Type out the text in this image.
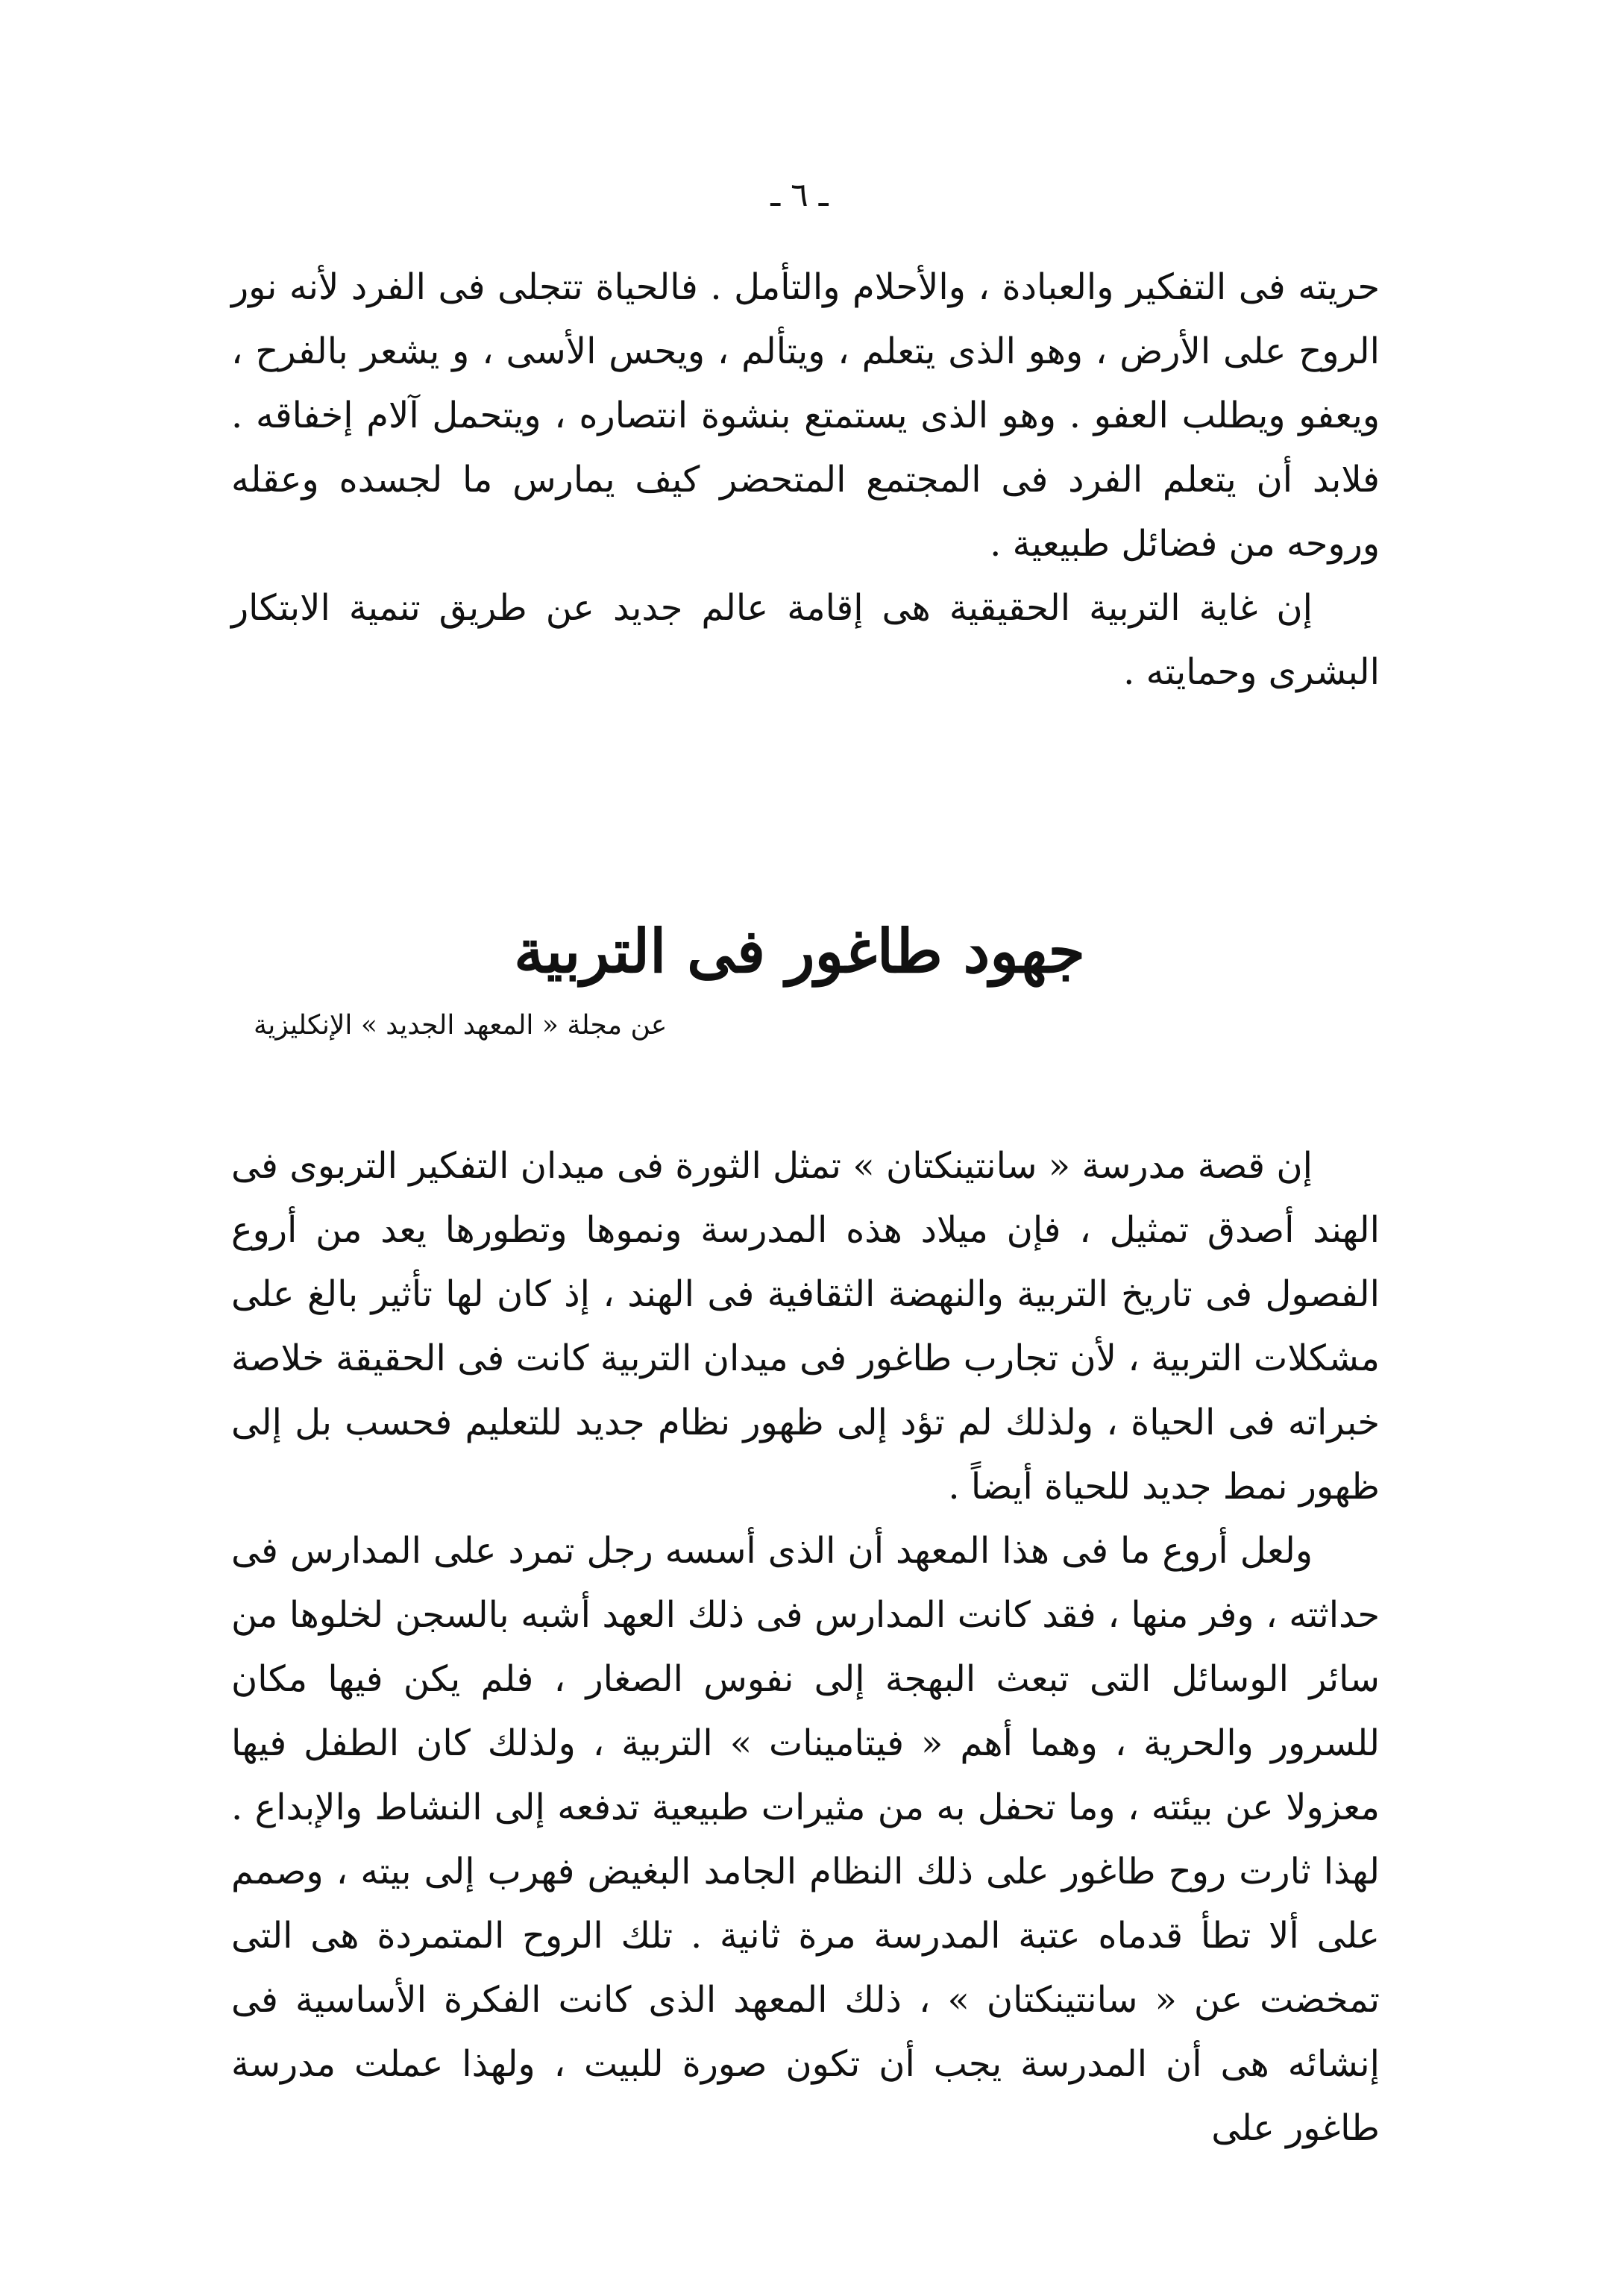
ـ ٦ ـ

حريته فى التفكير والعبادة ، والأحلام والتأمل . فالحياة تتجلى فى الفرد لأنه نور الروح على الأرض ، وهو الذى يتعلم ، ويتألم ، ويحس الأسى ، و يشعر بالفرح ، ويعفو ويطلب العفو . وهو الذى يستمتع بنشوة انتصاره ، ويتحمل آلام إخفاقه . فلابد أن يتعلم الفرد فى المجتمع المتحضر كيف يمارس ما لجسده وعقله وروحه من فضائل طبيعية .

إن غاية التربية الحقيقية هى إقامة عالم جديد عن طريق تنمية الابتكار البشرى وحمايته .

جهود طاغور فى التربية
عن مجلة « المعهد الجديد » الإنكليزية

إن قصة مدرسة « سانتينكتان » تمثل الثورة فى ميدان التفكير التربوى فى الهند أصدق تمثيل ، فإن ميلاد هذه المدرسة ونموها وتطورها يعد من أروع الفصول فى تاريخ التربية والنهضة الثقافية فى الهند ، إذ كان لها تأثير بالغ على مشكلات التربية ، لأن تجارب طاغور فى ميدان التربية كانت فى الحقيقة خلاصة خبراته فى الحياة ، ولذلك لم تؤد إلى ظهور نظام جديد للتعليم فحسب بل إلى ظهور نمط جديد للحياة أيضاً .

ولعل أروع ما فى هذا المعهد أن الذى أسسه رجل تمرد على المدارس فى حداثته ، وفر منها ، فقد كانت المدارس فى ذلك العهد أشبه بالسجن لخلوها من سائر الوسائل التى تبعث البهجة إلى نفوس الصغار ، فلم يكن فيها مكان للسرور والحرية ، وهما أهم « فيتامينات » التربية ، ولذلك كان الطفل فيها معزولا عن بيئته ، وما تحفل به من مثيرات طبيعية تدفعه إلى النشاط والإبداع . لهذا ثارت روح طاغور على ذلك النظام الجامد البغيض فهرب إلى بيته ، وصمم على ألا تطأ قدماه عتبة المدرسة مرة ثانية . تلك الروح المتمردة هى التى تمخضت عن « سانتينكتان » ، ذلك المعهد الذى كانت الفكرة الأساسية فى إنشائه هى أن المدرسة يجب أن تكون صورة للبيت ، ولهذا عملت مدرسة طاغور على
